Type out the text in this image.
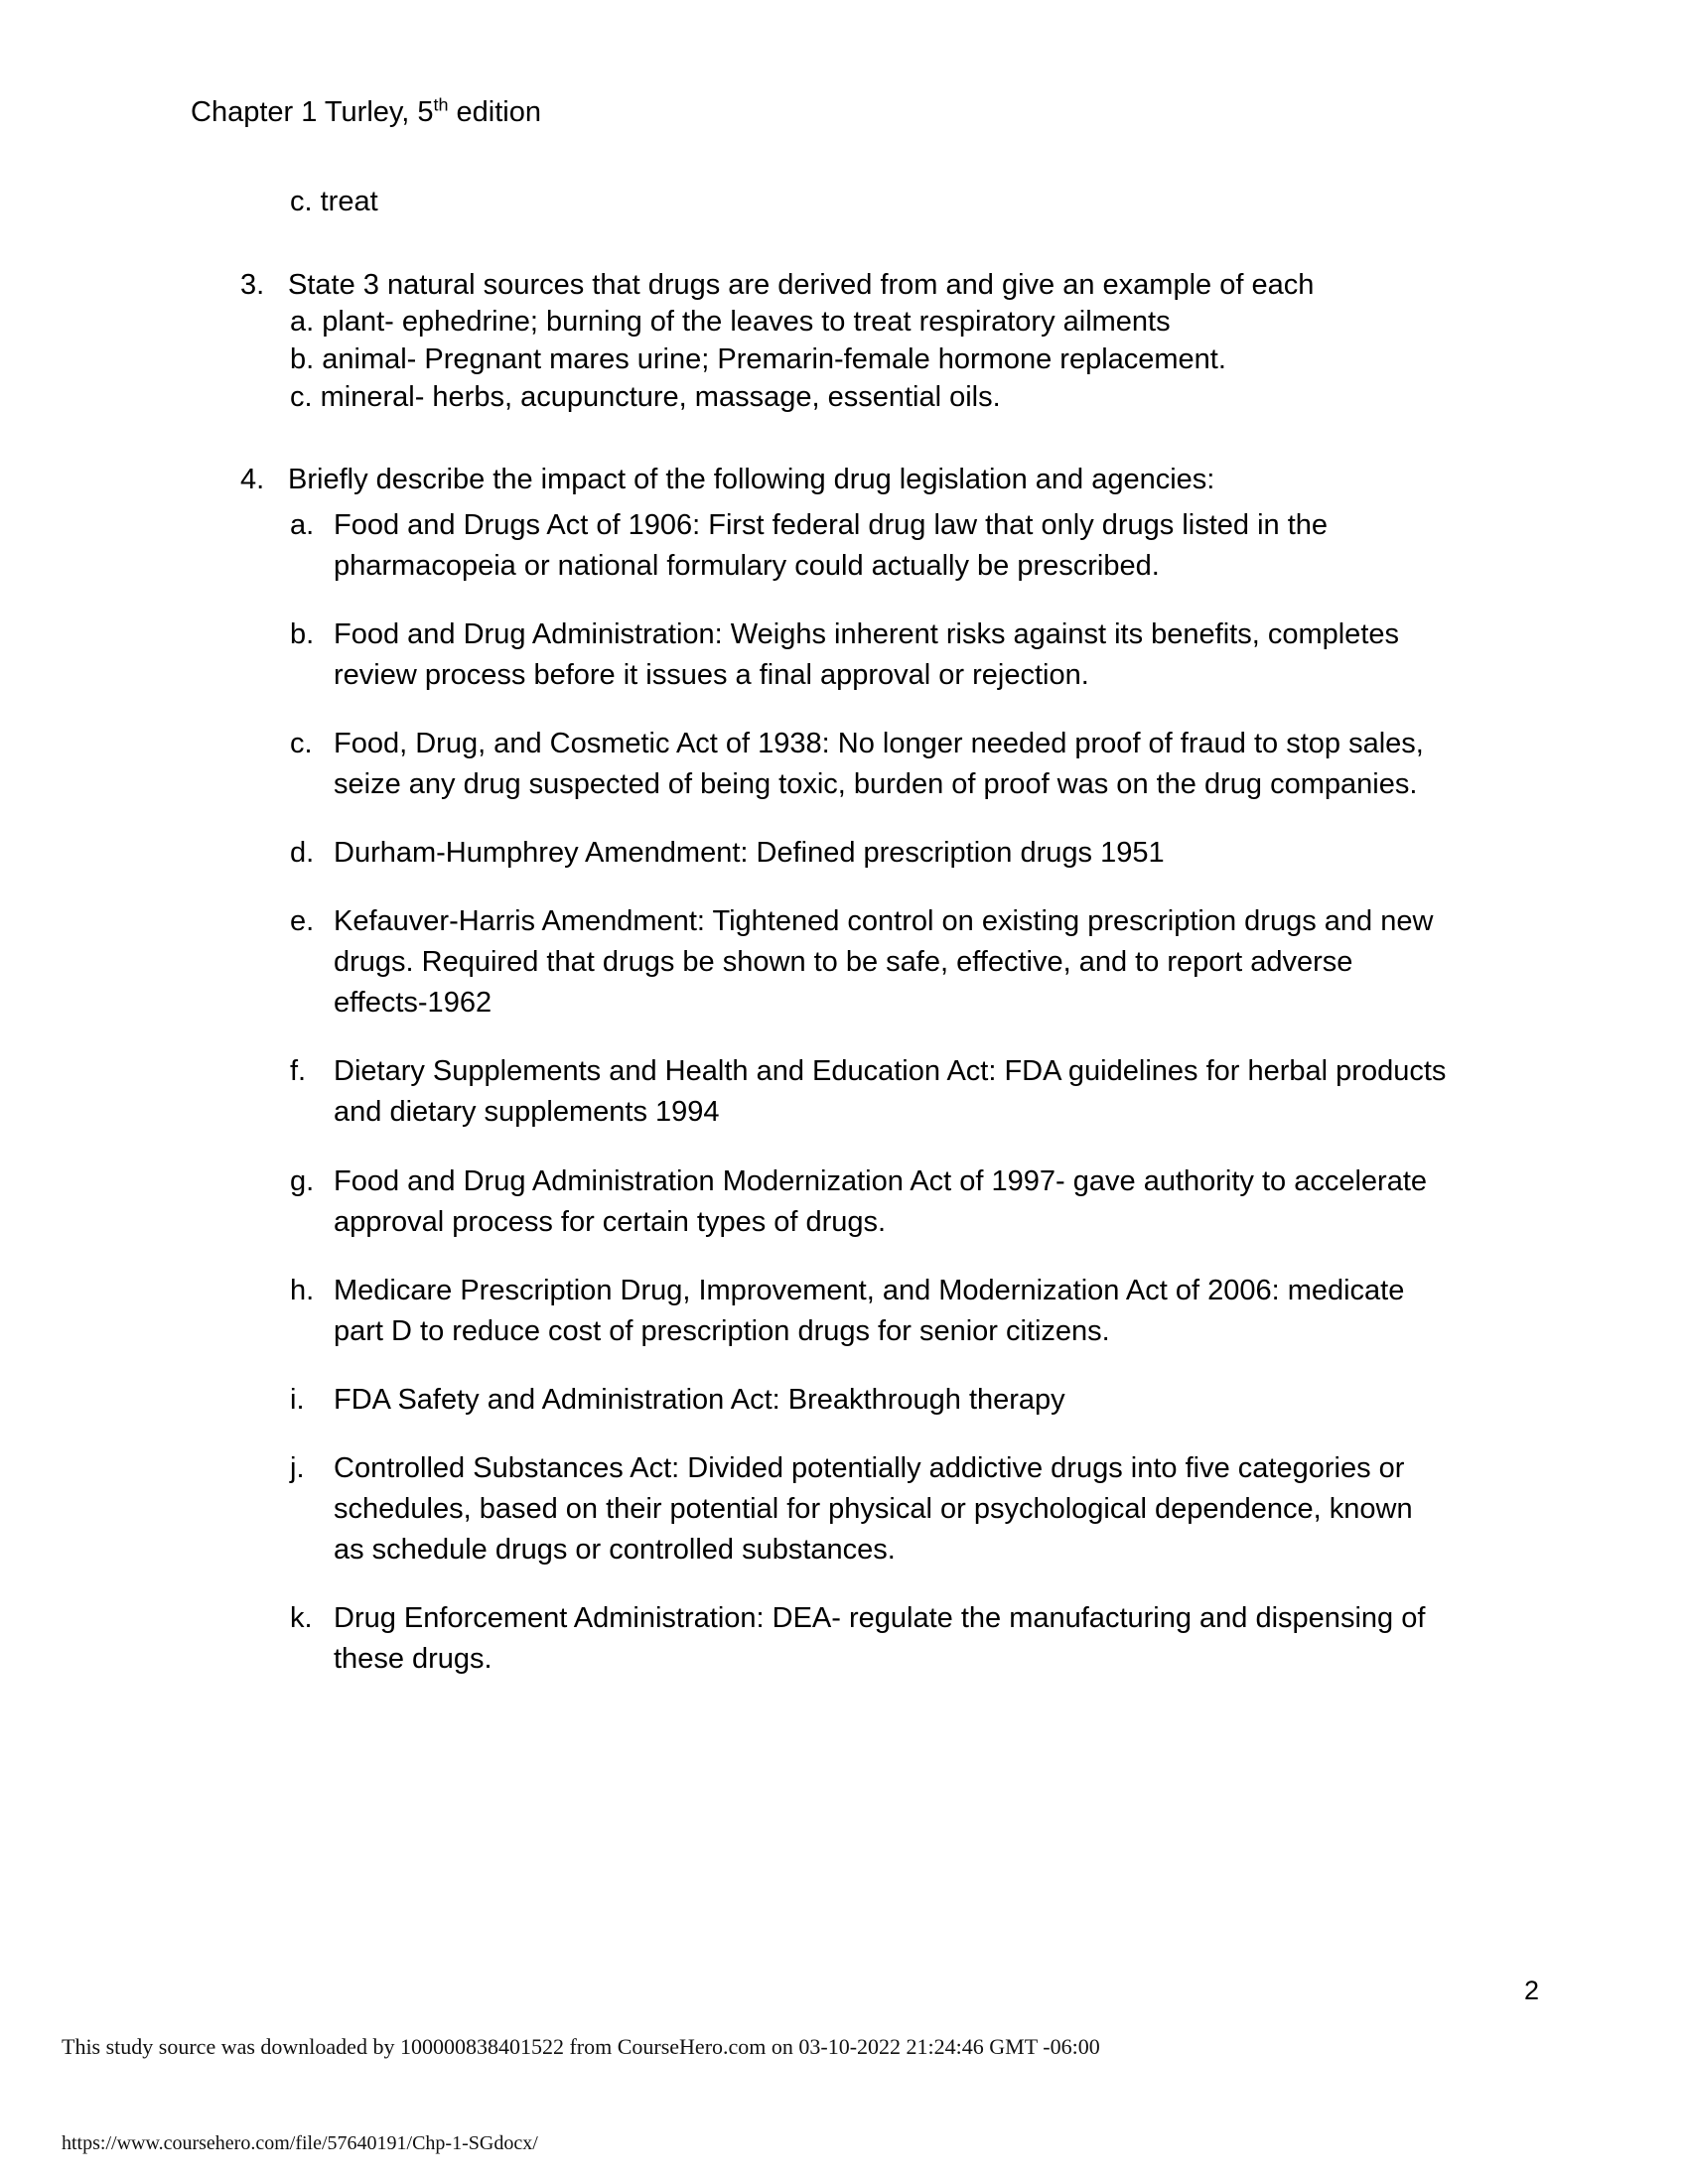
Chapter 1 Turley, 5th edition
c. treat
3. State 3 natural sources that drugs are derived from and give an example of each
a. plant- ephedrine; burning of the leaves to treat respiratory ailments
b. animal- Pregnant mares urine; Premarin-female hormone replacement.
c. mineral- herbs, acupuncture, massage, essential oils.
4. Briefly describe the impact of the following drug legislation and agencies:
a. Food and Drugs Act of 1906: First federal drug law that only drugs listed in the pharmacopeia or national formulary could actually be prescribed.
b. Food and Drug Administration: Weighs inherent risks against its benefits, completes review process before it issues a final approval or rejection.
c. Food, Drug, and Cosmetic Act of 1938: No longer needed proof of fraud to stop sales, seize any drug suspected of being toxic, burden of proof was on the drug companies.
d. Durham-Humphrey Amendment: Defined prescription drugs 1951
e. Kefauver-Harris Amendment: Tightened control on existing prescription drugs and new drugs. Required that drugs be shown to be safe, effective, and to report adverse effects-1962
f. Dietary Supplements and Health and Education Act: FDA guidelines for herbal products and dietary supplements 1994
g. Food and Drug Administration Modernization Act of 1997- gave authority to accelerate approval process for certain types of drugs.
h. Medicare Prescription Drug, Improvement, and Modernization Act of 2006: medicate part D to reduce cost of prescription drugs for senior citizens.
i.	FDA Safety and Administration Act: Breakthrough therapy
j.	Controlled Substances Act: Divided potentially addictive drugs into five categories or schedules, based on their potential for physical or psychological dependence, known as schedule drugs or controlled substances.
k. Drug Enforcement Administration: DEA- regulate the manufacturing and dispensing of these drugs.
2
This study source was downloaded by 100000838401522 from CourseHero.com on 03-10-2022 21:24:46 GMT -06:00
https://www.coursehero.com/file/57640191/Chp-1-SGdocx/
